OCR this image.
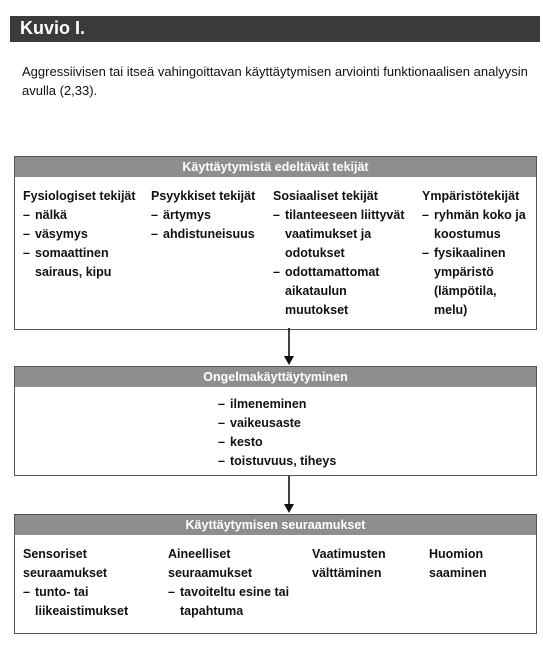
Kuvio I.
Aggressiivisen tai itseä vahingoittavan käyttäytymisen arviointi funktionaalisen analyysin avulla (2,33).
Käyttäytymistä edeltävät tekijät
Fysiologiset tekijät
– nälkä
– väsymys
– somaattinen sairaus, kipu
Psyykkiset tekijät
– ärtymys
– ahdistuneisuus
Sosiaaliset tekijät
– tilanteeseen liittyvät vaatimukset ja odotukset
– odottamattomat aikataulun muutokset
Ympäristötekijät
– ryhmän koko ja koostumus
– fysikaalinen ympäristö (lämpötila, melu)
Ongelmakäyttäytyminen
– ilmeneminen
– vaikeusaste
– kesto
– toistuvuus, tiheys
Käyttäytymisen seuraamukset
Sensoriset seuraamukset
– tunto- tai liikeaistimukset
Aineelliset seuraamukset
– tavoiteltu esine tai tapahtuma
Vaatimusten välttäminen
Huomion saaminen
